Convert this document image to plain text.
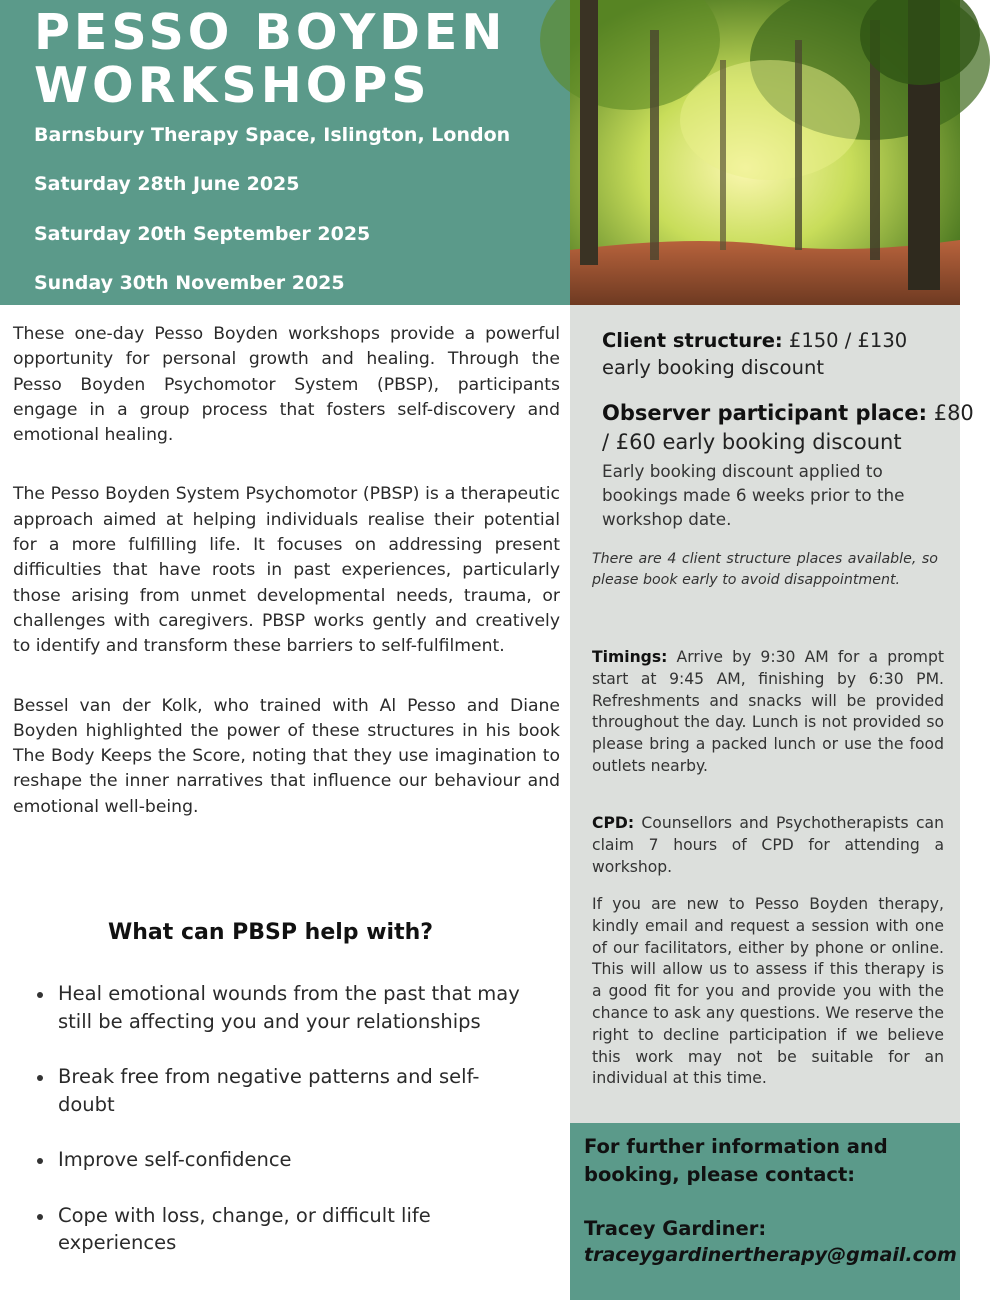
PESSO BOYDEN
WORKSHOPS
Barnsbury Therapy Space, Islington, London
Saturday 28th June 2025
Saturday 20th September 2025
Sunday 30th November 2025

These one-day Pesso Boyden workshops provide a powerful opportunity for personal growth and healing. Through the Pesso Boyden Psychomotor System (PBSP), participants engage in a group process that fosters self-discovery and emotional healing.

The Pesso Boyden System Psychomotor (PBSP) is a therapeutic approach aimed at helping individuals realise their potential for a more fulfilling life. It focuses on addressing present difficulties that have roots in past experiences, particularly those arising from unmet developmental needs, trauma, or challenges with caregivers. PBSP works gently and creatively to identify and transform these barriers to self-fulfilment.

Bessel van der Kolk, who trained with Al Pesso and Diane Boyden highlighted the power of these structures in his book The Body Keeps the Score, noting that they use imagination to reshape the inner narratives that influence our behaviour and emotional well-being.

What can PBSP help with?
Heal emotional wounds from the past that may still be affecting you and your relationships
Break free from negative patterns and self-doubt
Improve self-confidence
Cope with loss, change, or difficult life experiences
Client structure: £150 / £130
early booking discount
Observer participant place: £80
/ £60 early booking discount
Early booking discount applied to bookings made 6 weeks prior to the workshop date.
There are 4 client structure places available, so please book early to avoid disappointment.
Timings: Arrive by 9:30 AM for a prompt start at 9:45 AM, finishing by 6:30 PM. Refreshments and snacks will be provided throughout the day. Lunch is not provided so please bring a packed lunch or use the food outlets nearby.
CPD: Counsellors and Psychotherapists can claim 7 hours of CPD for attending a workshop.
If you are new to Pesso Boyden therapy, kindly email and request a session with one of our facilitators, either by phone or online. This will allow us to assess if this therapy is a good fit for you and provide you with the chance to ask any questions. We reserve the right to decline participation if we believe this work may not be suitable for an individual at this time.
For further information and booking, please contact:
Tracey Gardiner:
traceygardinertherapy@gmail.com
